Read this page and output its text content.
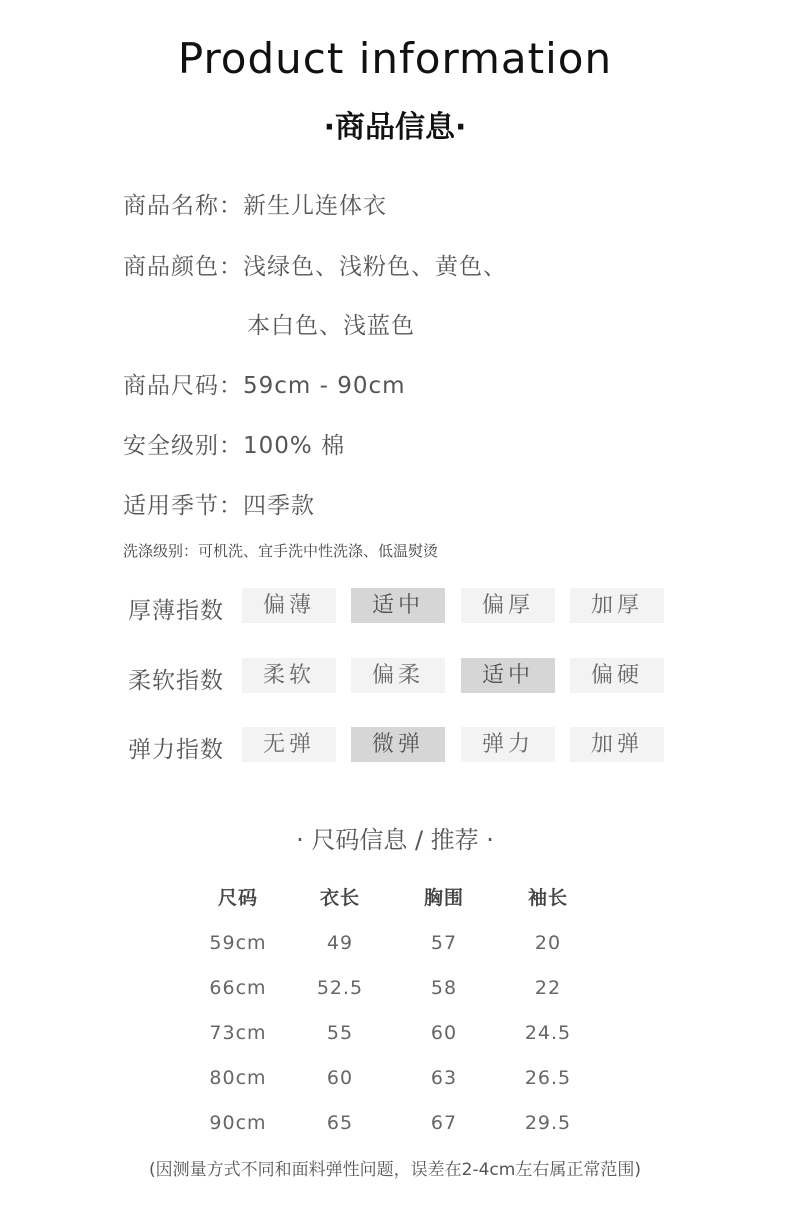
Product information
·商品信息·
商品名称：新生儿连体衣
商品颜色：浅绿色、浅粉色、黄色、
本白色、浅蓝色
商品尺码：59cm - 90cm
安全级别：100% 棉
适用季节：四季款
洗涤级别：可机洗、宜手洗中性洗涤、低温熨烫
厚薄指数	偏薄	适中	偏厚	加厚
柔软指数	柔软	偏柔	适中	偏硬
弹力指数	无弹	微弹	弹力	加弹
· 尺码信息 / 推荐 ·
尺码	衣长	胸围	袖长
59cm	49	57	20
66cm	52.5	58	22
73cm	55	60	24.5
80cm	60	63	26.5
90cm	65	67	29.5
(因测量方式不同和面料弹性问题，误差在2-4cm左右属正常范围)
